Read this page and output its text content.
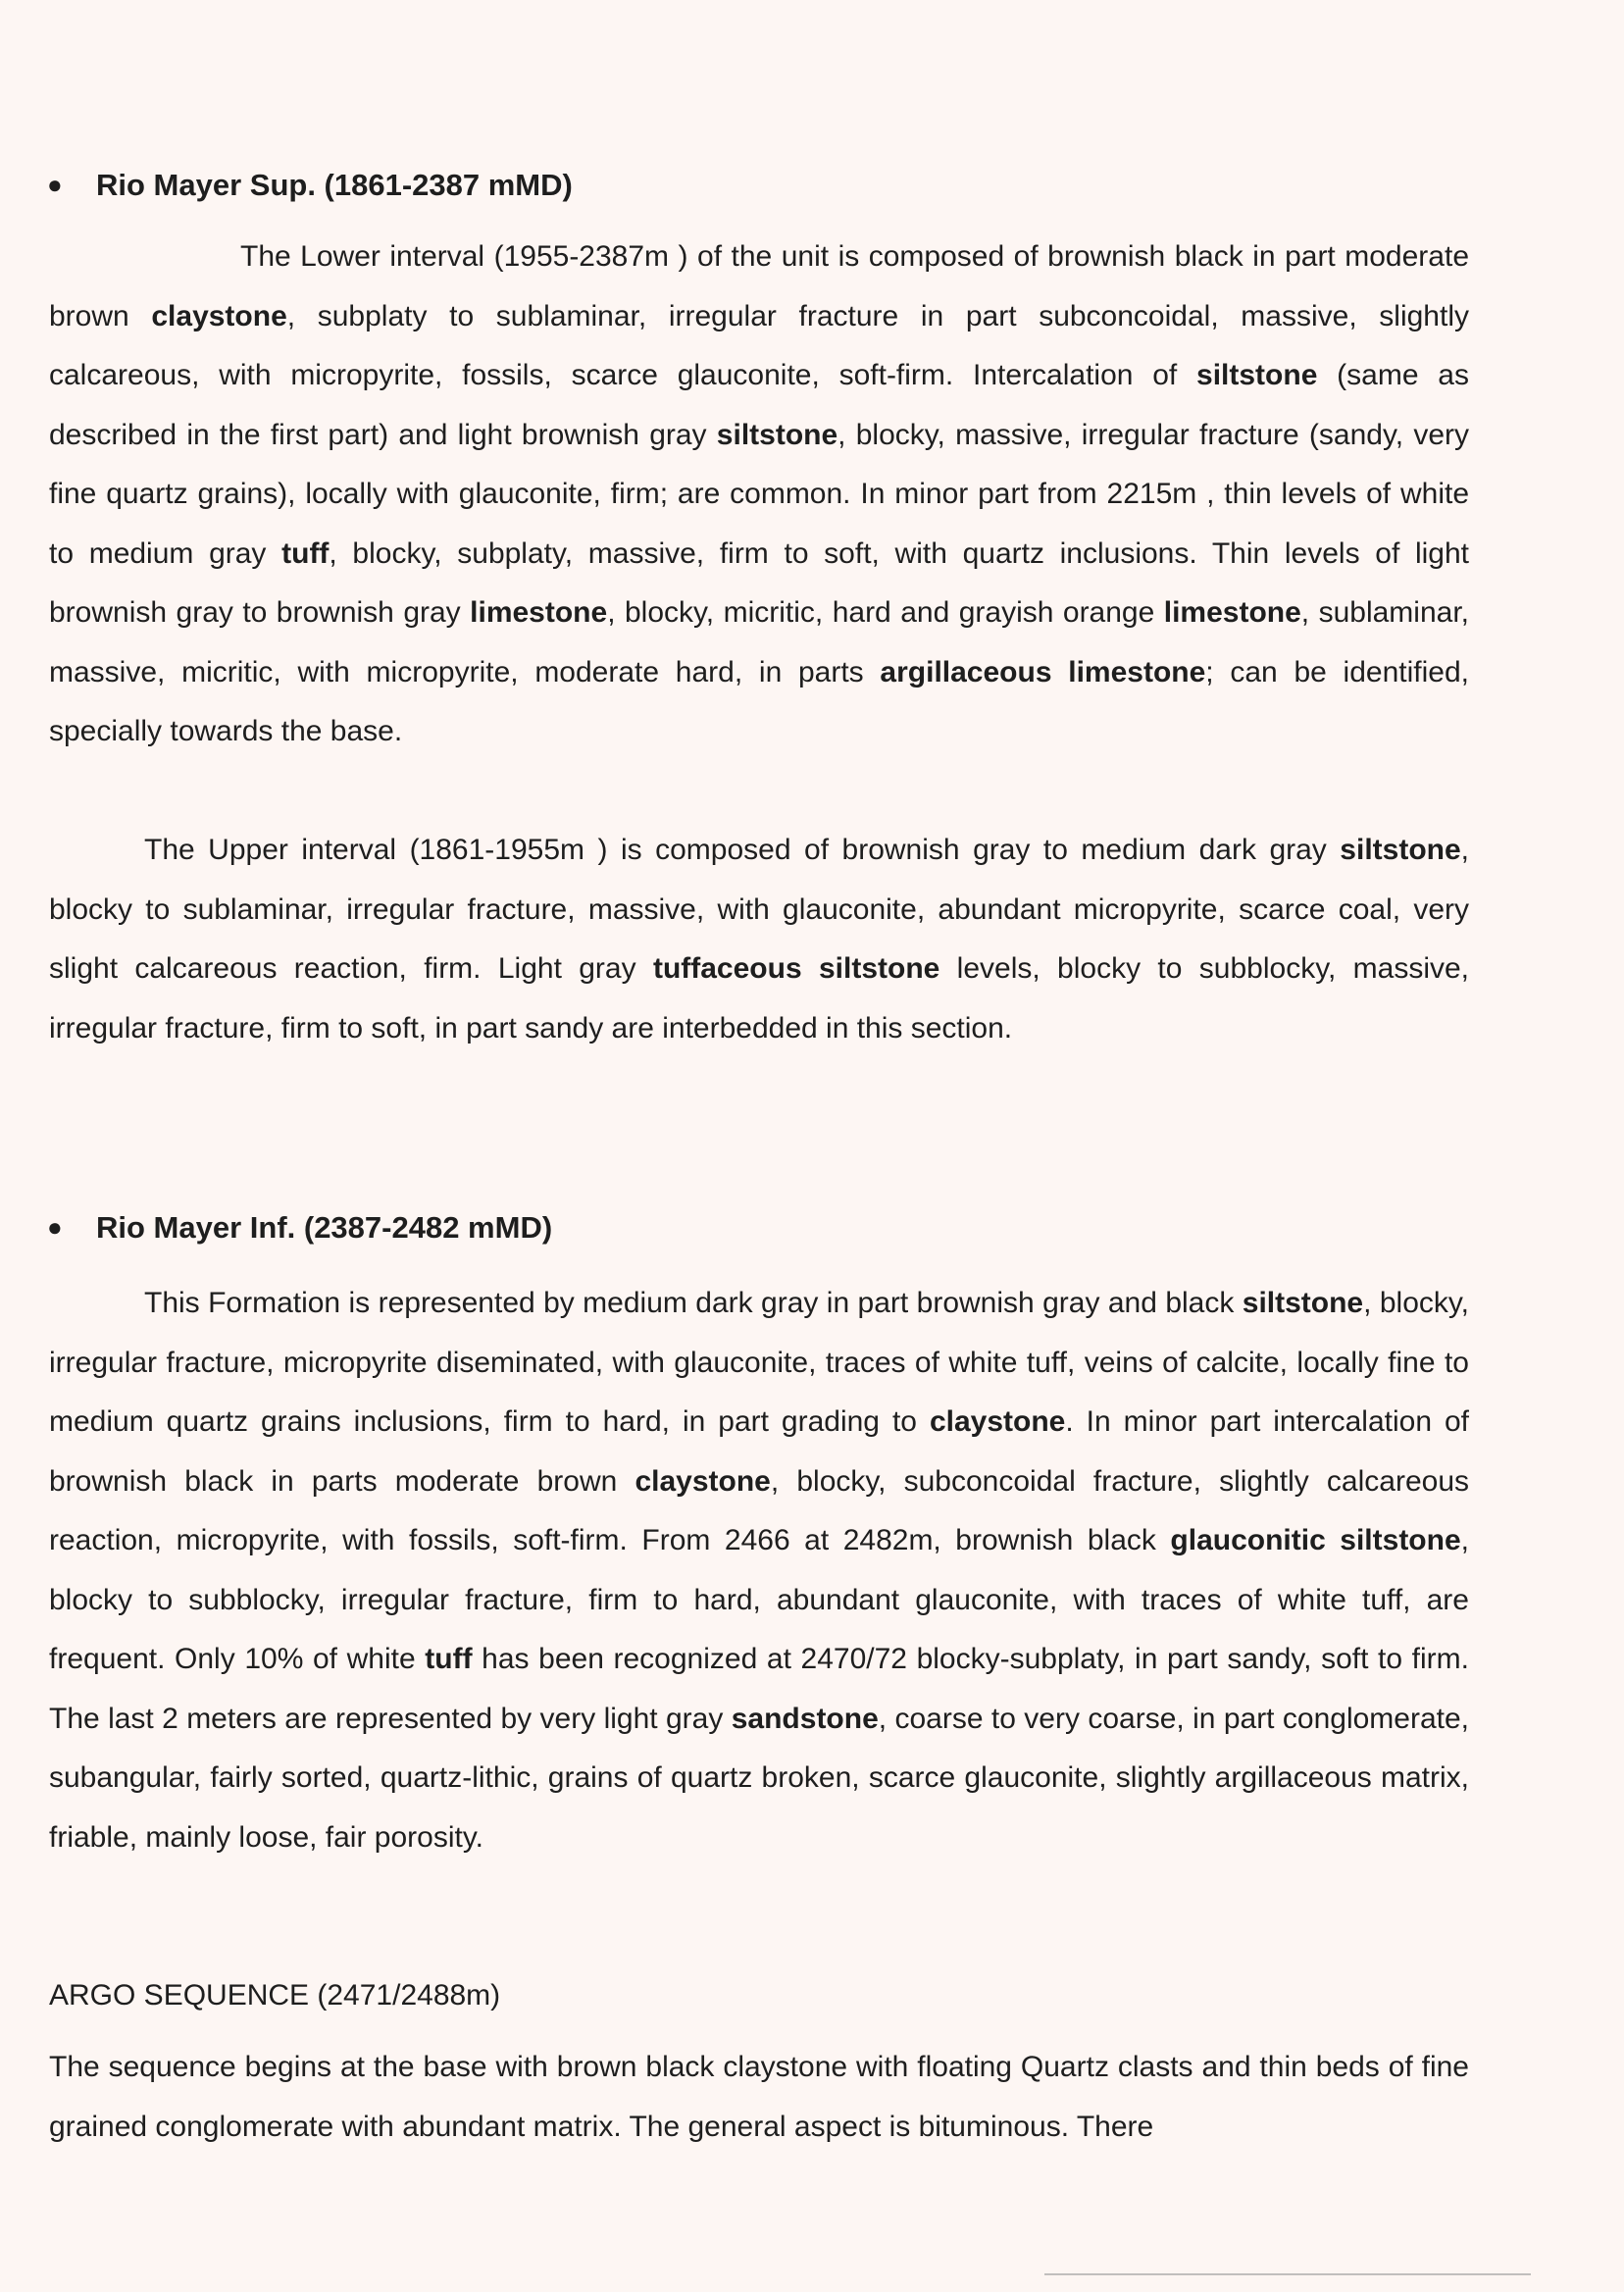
● Rio Mayer Sup. (1861-2387 mMD)

The Lower interval (1955-2387m ) of the unit is composed of brownish black in part moderate brown claystone, subplaty to sublaminar, irregular fracture in part subconcoidal, massive, slightly calcareous, with micropyrite, fossils, scarce glauconite, soft-firm. Intercalation of siltstone (same as described in the first part) and light brownish gray siltstone, blocky, massive, irregular fracture (sandy, very fine quartz grains), locally with glauconite, firm; are common. In minor part from 2215m , thin levels of white to medium gray tuff, blocky, subplaty, massive, firm to soft, with quartz inclusions. Thin levels of light brownish gray to brownish gray limestone, blocky, micritic, hard and grayish orange limestone, sublaminar, massive, micritic, with micropyrite, moderate hard, in parts argillaceous limestone; can be identified, specially towards the base.

The Upper interval (1861-1955m ) is composed of brownish gray to medium dark gray siltstone, blocky to sublaminar, irregular fracture, massive, with glauconite, abundant micropyrite, scarce coal, very slight calcareous reaction, firm. Light gray tuffaceous siltstone levels, blocky to subblocky, massive, irregular fracture, firm to soft, in part sandy are interbedded in this section.

● Rio Mayer Inf. (2387-2482 mMD)

This Formation is represented by medium dark gray in part brownish gray and black siltstone, blocky, irregular fracture, micropyrite diseminated, with glauconite, traces of white tuff, veins of calcite, locally fine to medium quartz grains inclusions, firm to hard, in part grading to claystone. In minor part intercalation of brownish black in parts moderate brown claystone, blocky, subconcoidal fracture, slightly calcareous reaction, micropyrite, with fossils, soft-firm. From 2466 at 2482m, brownish black glauconitic siltstone, blocky to subblocky, irregular fracture, firm to hard, abundant glauconite, with traces of white tuff, are frequent. Only 10% of white tuff has been recognized at 2470/72 blocky-subplaty, in part sandy, soft to firm. The last 2 meters are represented by very light gray sandstone, coarse to very coarse, in part conglomerate, subangular, fairly sorted, quartz-lithic, grains of quartz broken, scarce glauconite, slightly argillaceous matrix, friable, mainly loose, fair porosity.

ARGO SEQUENCE (2471/2488m)

The sequence begins at the base with brown black claystone with floating Quartz clasts and thin beds of fine grained conglomerate with abundant matrix. The general aspect is bituminous. There
